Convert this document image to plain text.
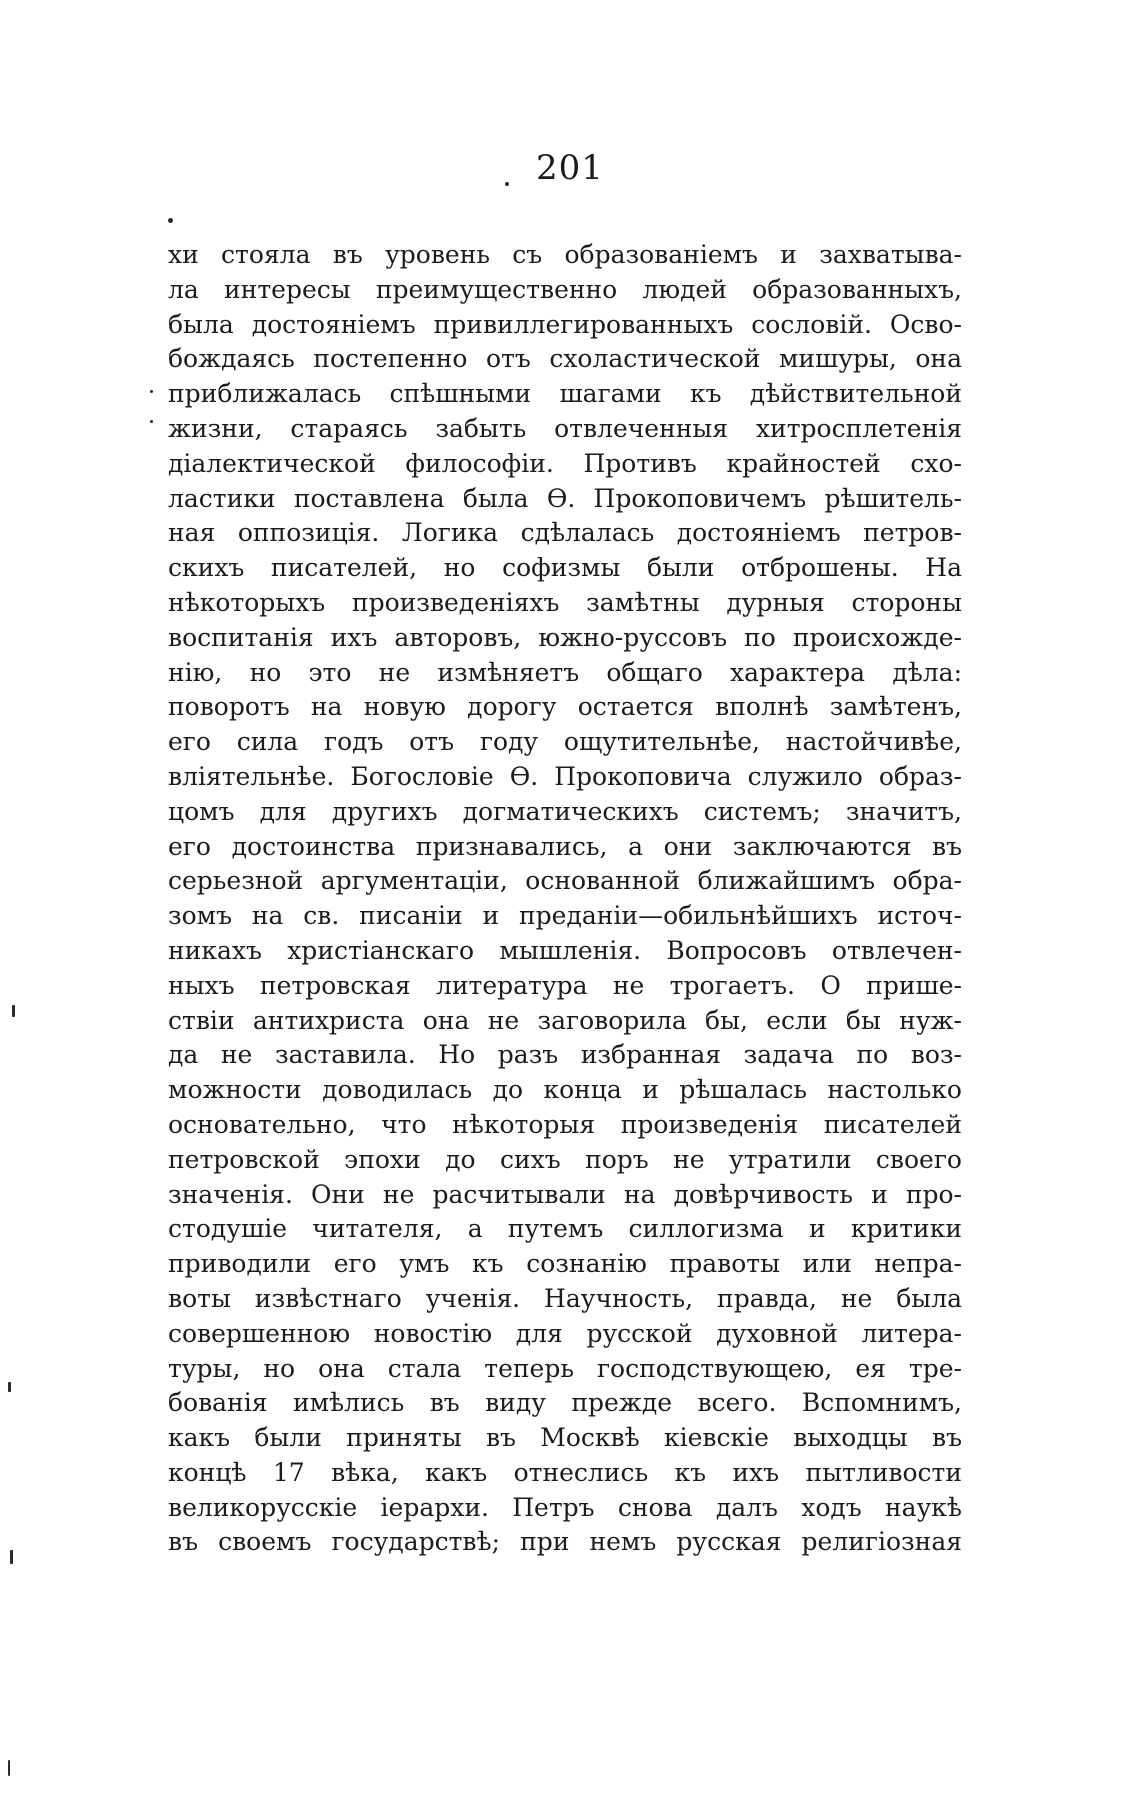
201
хи стояла въ уровень съ образованіемъ и захватыва-
ла интересы преимущественно людей образованныхъ,
была достояніемъ привиллегированныхъ сословій. Осво-
бождаясь постепенно отъ схоластической мишуры, она
приближалась спѣшными шагами къ дѣйствительной
жизни, стараясь забыть отвлеченныя хитросплетенія
діалектической философіи. Противъ крайностей схо-
ластики поставлена была Ѳ. Прокоповичемъ рѣшитель-
ная оппозиція. Логика сдѣлалась достояніемъ петров-
скихъ писателей, но софизмы были отброшены. На
нѣкоторыхъ произведеніяхъ замѣтны дурныя стороны
воспитанія ихъ авторовъ, южно-руссовъ по происхожде-
нію, но это не измѣняетъ общаго характера дѣла:
поворотъ на новую дорогу остается вполнѣ замѣтенъ,
его сила годъ отъ году ощутительнѣе, настойчивѣе,
вліятельнѣе. Богословіе Ѳ. Прокоповича служило образ-
цомъ для другихъ догматическихъ системъ; значитъ,
его достоинства признавались, а они заключаются въ
серьезной аргументаціи, основанной ближайшимъ обра-
зомъ на св. писаніи и преданіи—обильнѣйшихъ источ-
никахъ христіанскаго мышленія. Вопросовъ отвлечен-
ныхъ петровская литература не трогаетъ. О прише-
ствіи антихриста она не заговорила бы, если бы нуж-
да не заставила. Но разъ избранная задача по воз-
можности доводилась до конца и рѣшалась настолько
основательно, что нѣкоторыя произведенія писателей
петровской эпохи до сихъ поръ не утратили своего
значенія. Они не расчитывали на довѣрчивость и про-
стодушіе читателя, а путемъ силлогизма и критики
приводили его умъ къ сознанію правоты или непра-
воты извѣстнаго ученія. Научность, правда, не была
совершенною новостію для русской духовной литера-
туры, но она стала теперь господствующею, ея тре-
бованія имѣлись въ виду прежде всего. Вспомнимъ,
какъ были приняты въ Москвѣ кіевскіе выходцы въ
концѣ 17 вѣка, какъ отнеслись къ ихъ пытливости
великорусскіе іерархи. Петръ снова далъ ходъ наукѣ
въ своемъ государствѣ; при немъ русская религіозная
